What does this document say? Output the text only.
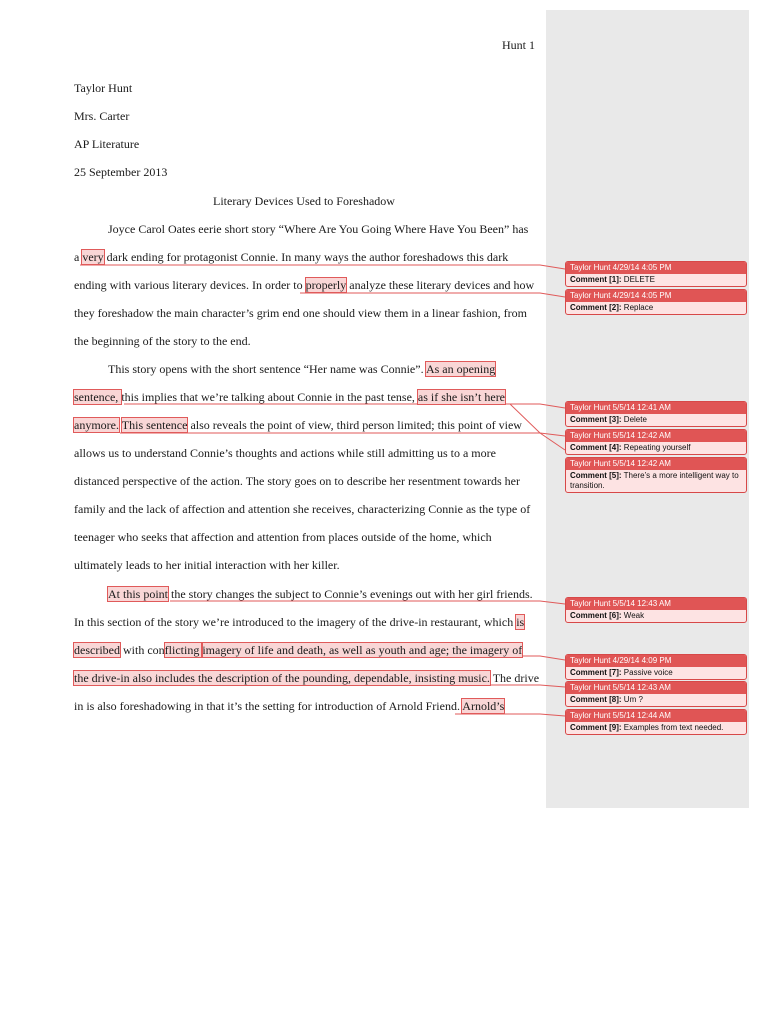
Hunt 1
Taylor Hunt
Mrs. Carter
AP Literature
25 September 2013
Literary Devices Used to Foreshadow
Joyce Carol Oates eerie short story “Where Are You Going Where Have You Been” has
a very dark ending for protagonist Connie. In many ways the author foreshadows this dark
ending with various literary devices. In order to properly analyze these literary devices and how
they foreshadow the main character’s grim end one should view them in a linear fashion, from
the beginning of the story to the end.
This story opens with the short sentence “Her name was Connie”. As an opening
sentence, this implies that we’re talking about Connie in the past tense, as if she isn’t here
anymore. This sentence also reveals the point of view, third person limited; this point of view
allows us to understand Connie’s thoughts and actions while still admitting us to a more
distanced perspective of the action. The story goes on to describe her resentment towards her
family and the lack of affection and attention she receives, characterizing Connie as the type of
teenager who seeks that affection and attention from places outside of the home, which
ultimately leads to her initial interaction with her killer.
At this point the story changes the subject to Connie’s evenings out with her girl friends.
In this section of the story we’re introduced to the imagery of the drive-in restaurant, which is
described with conflicting imagery of life and death, as well as youth and age; the imagery of
the drive-in also includes the description of the pounding, dependable, insisting music. The drive
in is also foreshadowing in that it’s the setting for introduction of Arnold Friend. Arnold’s
Taylor Hunt 4/29/14 4:05 PM
Comment [1]: DELETE
Taylor Hunt 4/29/14 4:05 PM
Comment [2]: Replace
Taylor Hunt 5/5/14 12:41 AM
Comment [3]: Delete
Taylor Hunt 5/5/14 12:42 AM
Comment [4]: Repeating yourself
Taylor Hunt 5/5/14 12:42 AM
Comment [5]: There’s a more intelligent way to transition.
Taylor Hunt 5/5/14 12:43 AM
Comment [6]: Weak
Taylor Hunt 4/29/14 4:09 PM
Comment [7]: Passive voice
Taylor Hunt 5/5/14 12:43 AM
Comment [8]: Um ?
Taylor Hunt 5/5/14 12:44 AM
Comment [9]: Examples from text needed.
